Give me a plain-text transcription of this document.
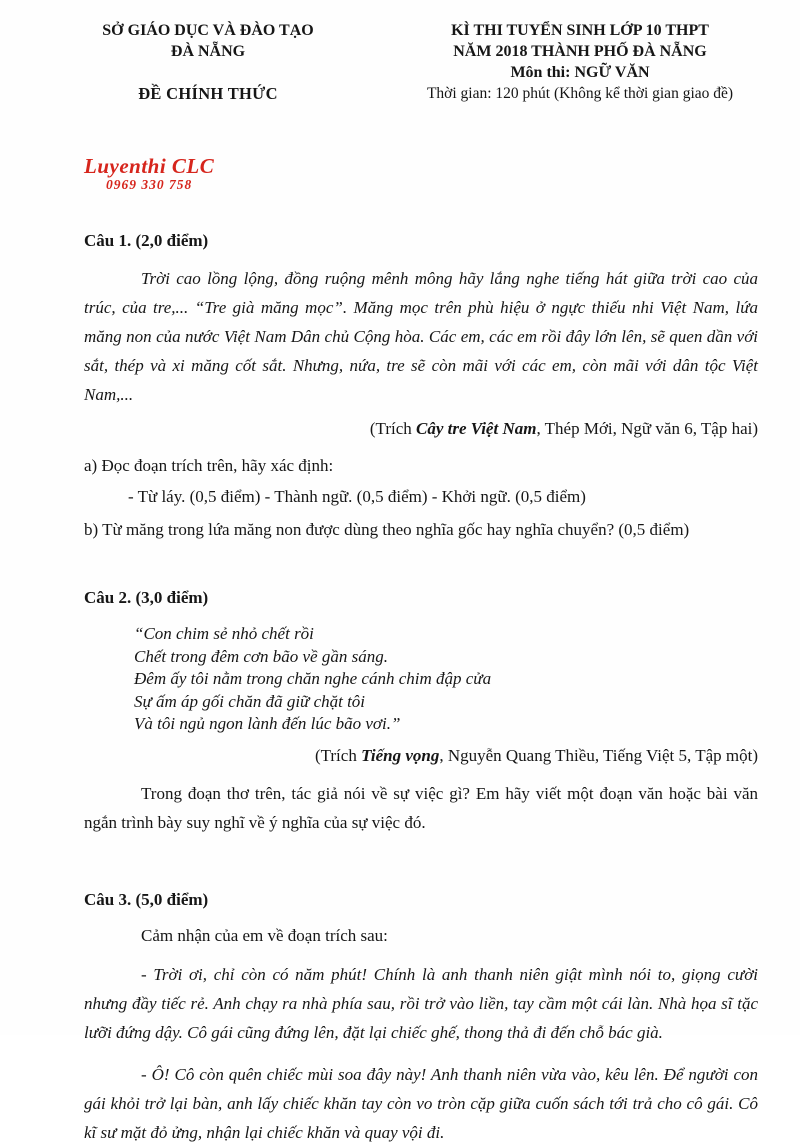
SỞ GIÁO DỤC VÀ ĐÀO TẠO
ĐÀ NẴNG
ĐỀ CHÍNH THỨC
KÌ THI TUYỂN SINH LỚP 10 THPT
NĂM 2018 THÀNH PHỐ ĐÀ NẴNG
Môn thi: NGỮ VĂN
Thời gian: 120 phút (Không kể thời gian giao đề)
Luyenthi CLC
0969 330 758
Câu 1. (2,0 điểm)

Trời cao lồng lộng, đồng ruộng mênh mông hãy lắng nghe tiếng hát giữa trời cao của trúc, của tre,... “Tre già măng mọc”. Măng mọc trên phù hiệu ở ngực thiếu nhi Việt Nam, lứa măng non của nước Việt Nam Dân chủ Cộng hòa. Các em, các em rồi đây lớn lên, sẽ quen dần với sắt, thép và xi măng cốt sắt. Nhưng, nứa, tre sẽ còn mãi với các em, còn mãi với dân tộc Việt Nam,...

(Trích Cây tre Việt Nam, Thép Mới, Ngữ văn 6, Tập hai)

a) Đọc đoạn trích trên, hãy xác định:

- Từ láy. (0,5 điểm) - Thành ngữ. (0,5 điểm) - Khởi ngữ. (0,5 điểm)

b) Từ măng trong lứa măng non được dùng theo nghĩa gốc hay nghĩa chuyển? (0,5 điểm)

Câu 2. (3,0 điểm)
“Con chim sẻ nhỏ chết rồi
Chết trong đêm cơn bão về gần sáng.
Đêm ấy tôi nằm trong chăn nghe cánh chim đập cửa
Sự ấm áp gối chăn đã giữ chặt tôi
Và tôi ngủ ngon lành đến lúc bão vơi.”

(Trích Tiếng vọng, Nguyễn Quang Thiều, Tiếng Việt 5, Tập một)

Trong đoạn thơ trên, tác giả nói về sự việc gì? Em hãy viết một đoạn văn hoặc bài văn ngắn trình bày suy nghĩ về ý nghĩa của sự việc đó.

Câu 3. (5,0 điểm)

Cảm nhận của em về đoạn trích sau:

- Trời ơi, chỉ còn có năm phút! Chính là anh thanh niên giật mình nói to, giọng cười nhưng đầy tiếc rẻ. Anh chạy ra nhà phía sau, rồi trở vào liền, tay cầm một cái làn. Nhà họa sĩ tặc lưỡi đứng dậy. Cô gái cũng đứng lên, đặt lại chiếc ghế, thong thả đi đến chỗ bác già.

- Ô! Cô còn quên chiếc mùi soa đây này! Anh thanh niên vừa vào, kêu lên. Để người con gái khỏi trở lại bàn, anh lấy chiếc khăn tay còn vo tròn cặp giữa cuốn sách tới trả cho cô gái. Cô kĩ sư mặt đỏ ửng, nhận lại chiếc khăn và quay vội đi.
